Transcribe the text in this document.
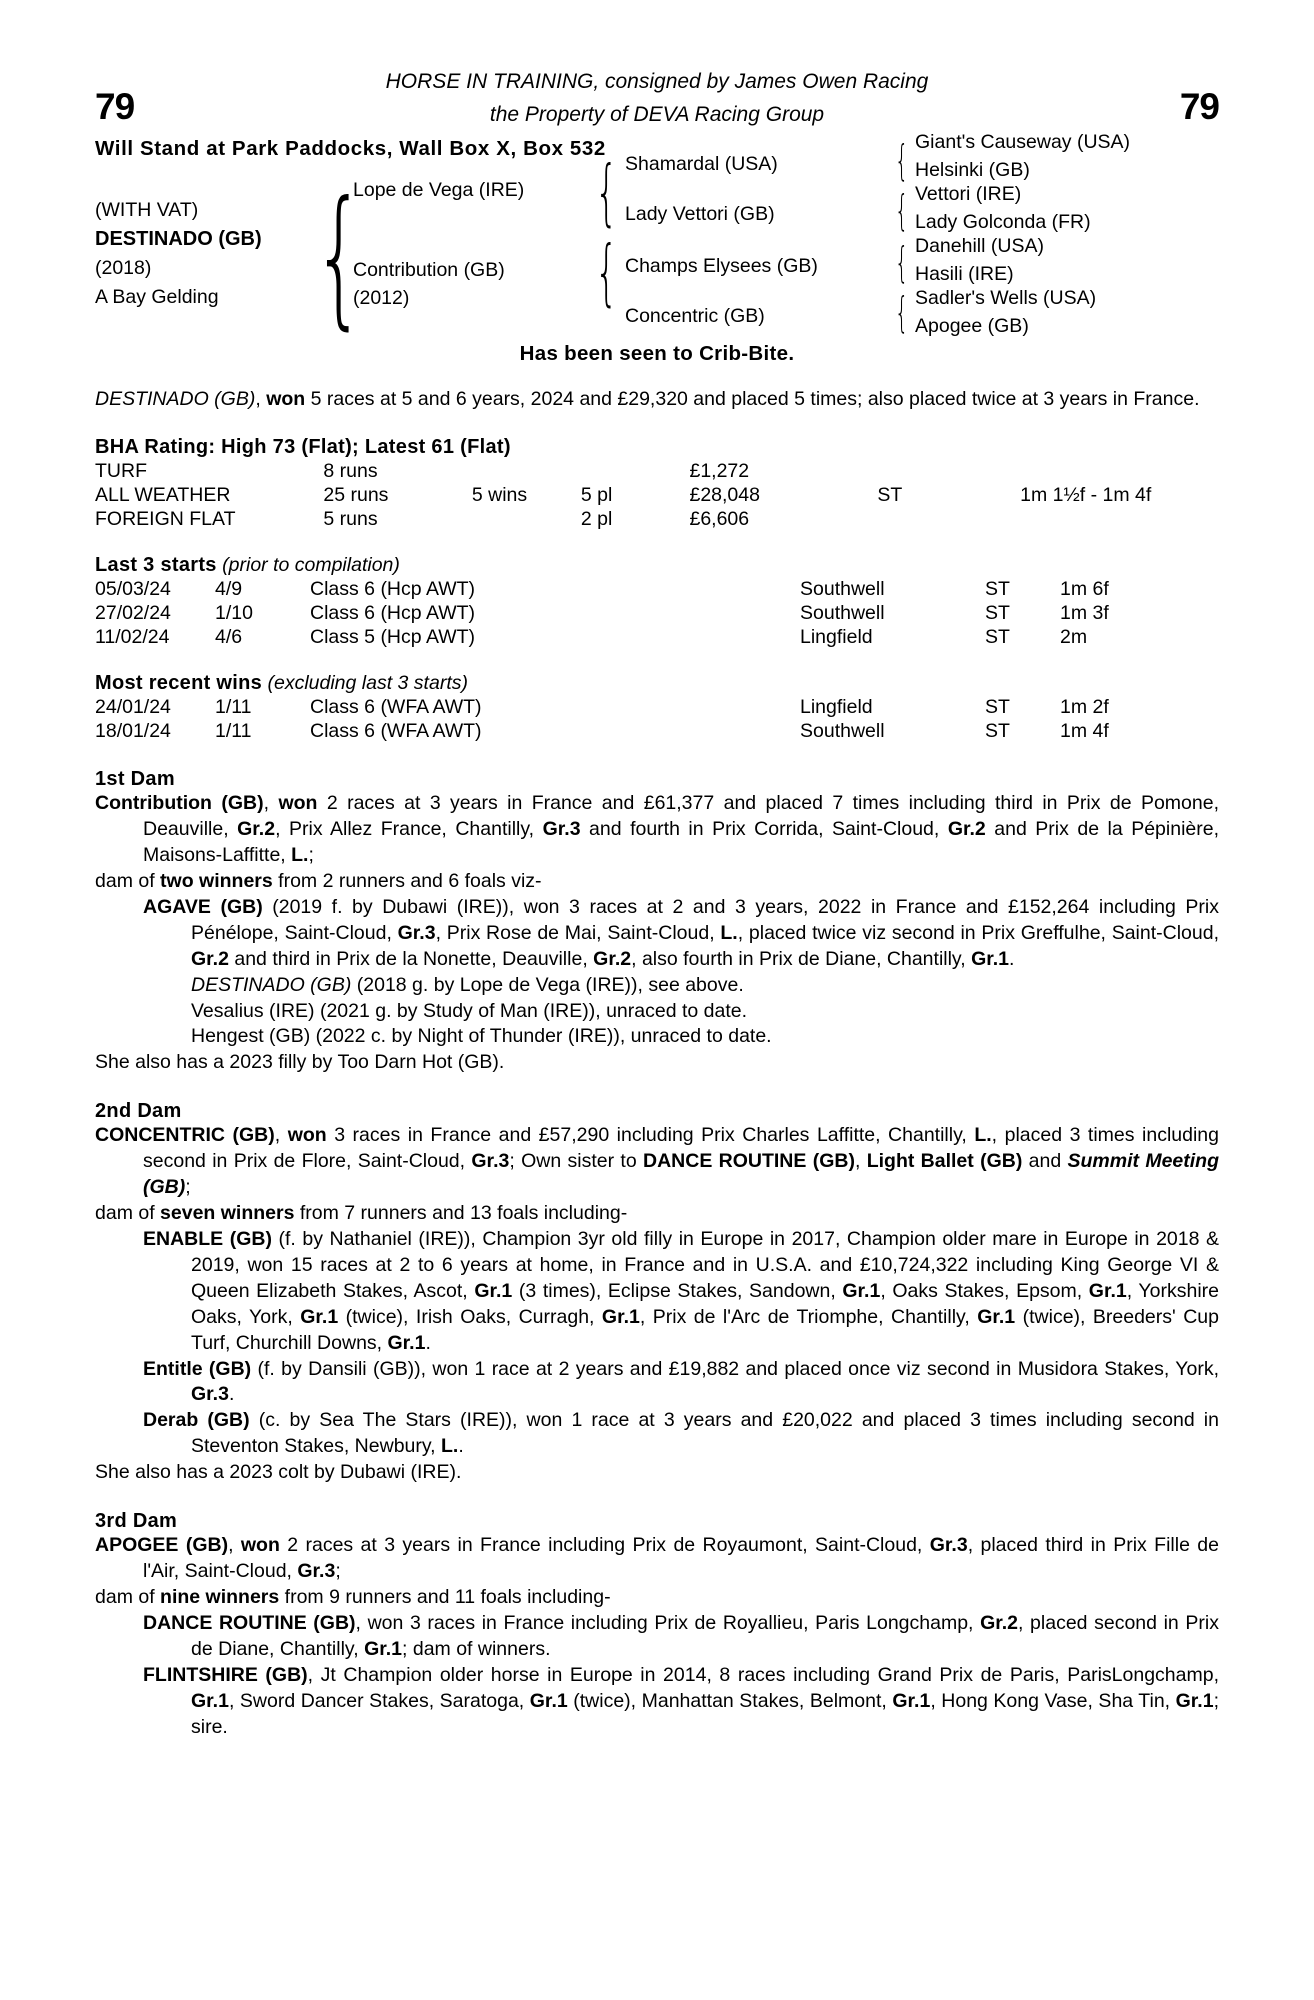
79	79
HORSE IN TRAINING, consigned by James Owen Racing
the Property of DEVA Racing Group
Will Stand at Park Paddocks, Wall Box X, Box 532
(WITH VAT)
DESTINADO (GB)
(2018)
A Bay Gelding {
Lope de Vega (IRE)
Contribution (GB)
(2012)
{
{
Shamardal (USA)
Lady Vettori (GB)
Champs Elysees (GB)
Concentric (GB)
{
{
{
{
Giant's Causeway (USA)
Helsinki (GB)
Vettori (IRE)
Lady Golconda (FR)
Danehill (USA)
Hasili (IRE)
Sadler's Wells (USA)
Apogee (GB)
Has been seen to Crib-Bite.
DESTINADO (GB), won 5 races at 5 and 6 years, 2024 and £29,320 and placed 5 times; also placed twice at 3 years in France.
BHA Rating: High 73 (Flat); Latest 61 (Flat)
TURF	8 runs			£1,272		
ALL WEATHER	25 runs	5 wins	5 pl	£28,048	ST	1m 1½f - 1m 4f
FOREIGN FLAT	5 runs		2 pl	£6,606		
Last 3 starts (prior to compilation)
05/03/24	4/9	Class 6 (Hcp AWT)	Southwell	ST	1m 6f
27/02/24	1/10	Class 6 (Hcp AWT)	Southwell	ST	1m 3f
11/02/24	4/6	Class 5 (Hcp AWT)	Lingfield	ST	2m
Most recent wins (excluding last 3 starts)
24/01/24	1/11	Class 6 (WFA AWT)	Lingfield	ST	1m 2f
18/01/24	1/11	Class 6 (WFA AWT)	Southwell	ST	1m 4f
1st Dam

Contribution (GB), won 2 races at 3 years in France and £61,377 and placed 7 times including third in Prix de Pomone, Deauville, Gr.2, Prix Allez France, Chantilly, Gr.3 and fourth in Prix Corrida, Saint-Cloud, Gr.2 and Prix de la Pépinière, Maisons-Laffitte, L.;

dam of two winners from 2 runners and 6 foals viz-

AGAVE (GB) (2019 f. by Dubawi (IRE)), won 3 races at 2 and 3 years, 2022 in France and £152,264 including Prix Pénélope, Saint-Cloud, Gr.3, Prix Rose de Mai, Saint-Cloud, L., placed twice viz second in Prix Greffulhe, Saint-Cloud, Gr.2 and third in Prix de la Nonette, Deauville, Gr.2, also fourth in Prix de Diane, Chantilly, Gr.1.

DESTINADO (GB) (2018 g. by Lope de Vega (IRE)), see above.

Vesalius (IRE) (2021 g. by Study of Man (IRE)), unraced to date.

Hengest (GB) (2022 c. by Night of Thunder (IRE)), unraced to date.

She also has a 2023 filly by Too Darn Hot (GB).

2nd Dam

CONCENTRIC (GB), won 3 races in France and £57,290 including Prix Charles Laffitte, Chantilly, L., placed 3 times including second in Prix de Flore, Saint-Cloud, Gr.3; Own sister to DANCE ROUTINE (GB), Light Ballet (GB) and Summit Meeting (GB);

dam of seven winners from 7 runners and 13 foals including-

ENABLE (GB) (f. by Nathaniel (IRE)), Champion 3yr old filly in Europe in 2017, Champion older mare in Europe in 2018 & 2019, won 15 races at 2 to 6 years at home, in France and in U.S.A. and £10,724,322 including King George VI & Queen Elizabeth Stakes, Ascot, Gr.1 (3 times), Eclipse Stakes, Sandown, Gr.1, Oaks Stakes, Epsom, Gr.1, Yorkshire Oaks, York, Gr.1 (twice), Irish Oaks, Curragh, Gr.1, Prix de l'Arc de Triomphe, Chantilly, Gr.1 (twice), Breeders' Cup Turf, Churchill Downs, Gr.1.

Entitle (GB) (f. by Dansili (GB)), won 1 race at 2 years and £19,882 and placed once viz second in Musidora Stakes, York, Gr.3.

Derab (GB) (c. by Sea The Stars (IRE)), won 1 race at 3 years and £20,022 and placed 3 times including second in Steventon Stakes, Newbury, L..

She also has a 2023 colt by Dubawi (IRE).

3rd Dam

APOGEE (GB), won 2 races at 3 years in France including Prix de Royaumont, Saint-Cloud, Gr.3, placed third in Prix Fille de l'Air, Saint-Cloud, Gr.3;

dam of nine winners from 9 runners and 11 foals including-

DANCE ROUTINE (GB), won 3 races in France including Prix de Royallieu, Paris Longchamp, Gr.2, placed second in Prix de Diane, Chantilly, Gr.1; dam of winners.

FLINTSHIRE (GB), Jt Champion older horse in Europe in 2014, 8 races including Grand Prix de Paris, ParisLongchamp, Gr.1, Sword Dancer Stakes, Saratoga, Gr.1 (twice), Manhattan Stakes, Belmont, Gr.1, Hong Kong Vase, Sha Tin, Gr.1; sire.
